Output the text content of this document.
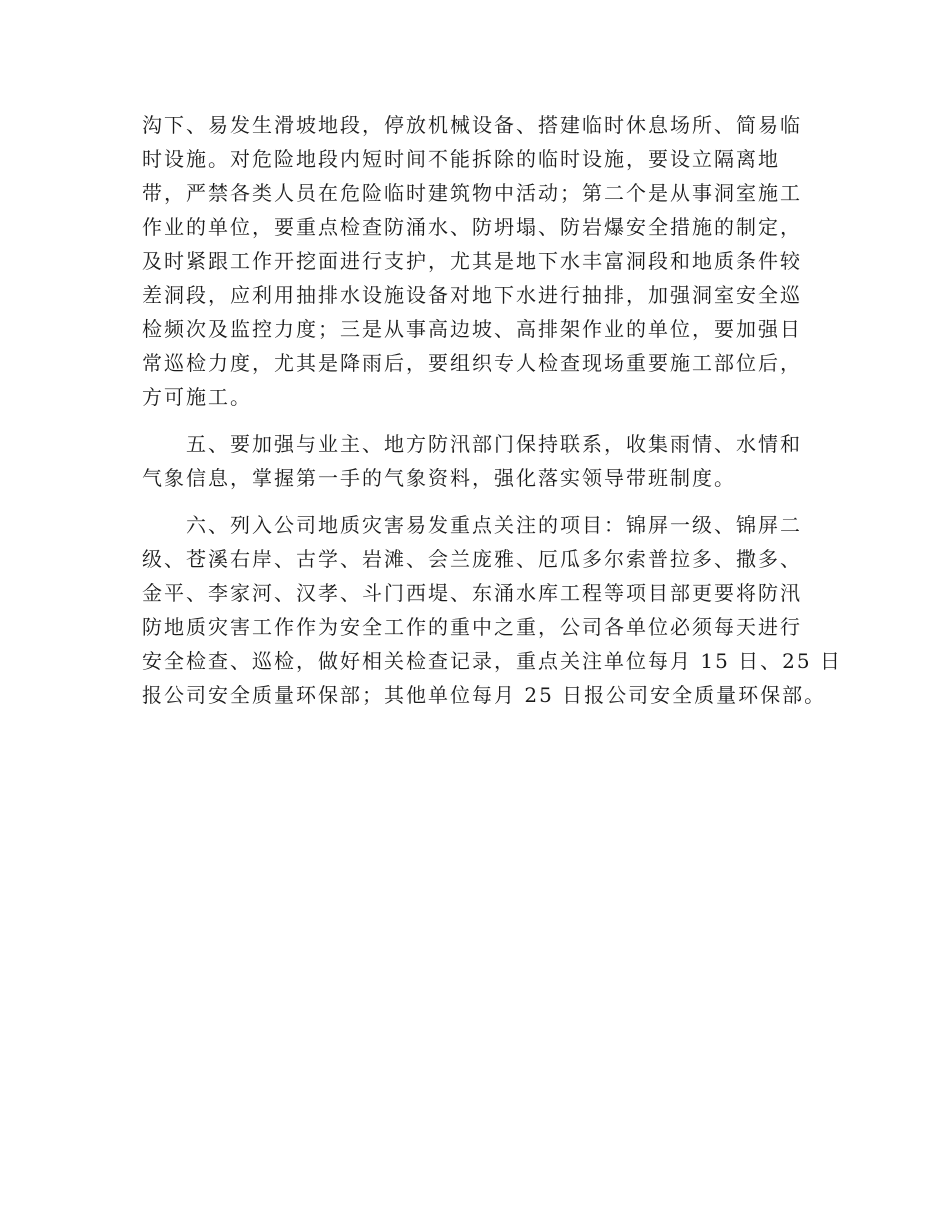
沟下、易发生滑坡地段，停放机械设备、搭建临时休息场所、简易临
时设施。对危险地段内短时间不能拆除的临时设施，要设立隔离地
带，严禁各类人员在危险临时建筑物中活动；第二个是从事洞室施工
作业的单位，要重点检查防涌水、防坍塌、防岩爆安全措施的制定，
及时紧跟工作开挖面进行支护，尤其是地下水丰富洞段和地质条件较
差洞段，应利用抽排水设施设备对地下水进行抽排，加强洞室安全巡
检频次及监控力度；三是从事高边坡、高排架作业的单位，要加强日
常巡检力度，尤其是降雨后，要组织专人检查现场重要施工部位后，
方可施工。
五、要加强与业主、地方防汛部门保持联系，收集雨情、水情和
气象信息，掌握第一手的气象资料，强化落实领导带班制度。
六、列入公司地质灾害易发重点关注的项目：锦屏一级、锦屏二
级、苍溪右岸、古学、岩滩、会兰庞雅、厄瓜多尔索普拉多、撒多、
金平、李家河、汉孝、斗门西堤、东涌水库工程等项目部更要将防汛
防地质灾害工作作为安全工作的重中之重，公司各单位必须每天进行
安全检查、巡检，做好相关检查记录，重点关注单位每月 15 日、25 日
报公司安全质量环保部；其他单位每月 25 日报公司安全质量环保部。
